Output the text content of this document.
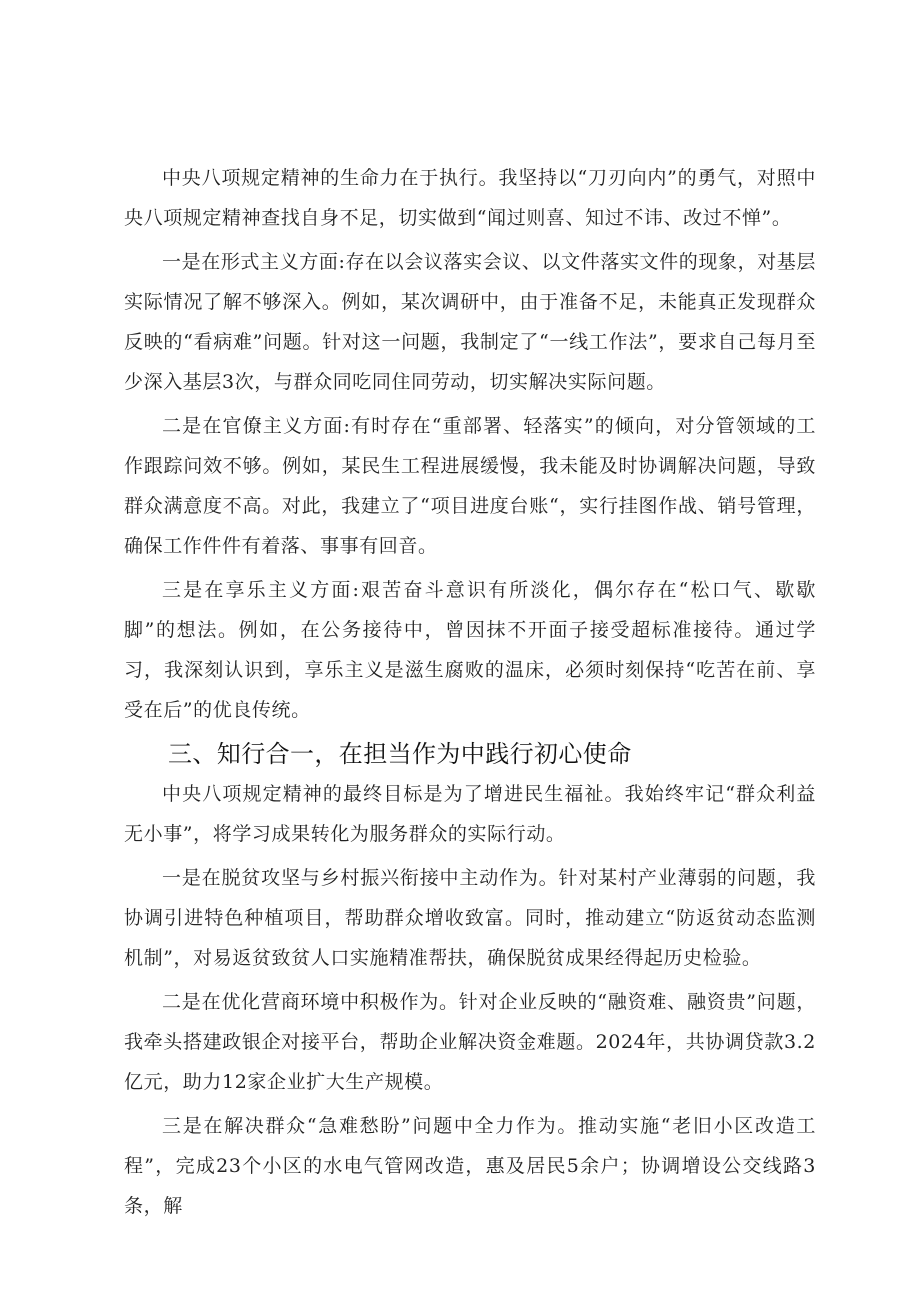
中央八项规定精神的生命力在于执行。我坚持以“刀刃向内”的勇气，对照中央八项规定精神查找自身不足，切实做到“闻过则喜、知过不讳、改过不惮”。

一是在形式主义方面:存在以会议落实会议、以文件落实文件的现象，对基层实际情况了解不够深入。例如，某次调研中，由于准备不足，未能真正发现群众反映的“看病难”问题。针对这一问题，我制定了“一线工作法”，要求自己每月至少深入基层3次，与群众同吃同住同劳动，切实解决实际问题。

二是在官僚主义方面:有时存在“重部署、轻落实”的倾向，对分管领域的工作跟踪问效不够。例如，某民生工程进展缓慢，我未能及时协调解决问题，导致群众满意度不高。对此，我建立了“项目进度台账“，实行挂图作战、销号管理，确保工作件件有着落、事事有回音。

三是在享乐主义方面:艰苦奋斗意识有所淡化，偶尔存在“松口气、歇歇脚”的想法。例如，在公务接待中，曾因抹不开面子接受超标准接待。通过学习，我深刻认识到，享乐主义是滋生腐败的温床，必须时刻保持“吃苦在前、享受在后”的优良传统。

三、知行合一，在担当作为中践行初心使命

中央八项规定精神的最终目标是为了增进民生福祉。我始终牢记“群众利益无小事”，将学习成果转化为服务群众的实际行动。

一是在脱贫攻坚与乡村振兴衔接中主动作为。针对某村产业薄弱的问题，我协调引进特色种植项目，帮助群众增收致富。同时，推动建立“防返贫动态监测机制”，对易返贫致贫人口实施精准帮扶，确保脱贫成果经得起历史检验。

二是在优化营商环境中积极作为。针对企业反映的“融资难、融资贵”问题，我牵头搭建政银企对接平台，帮助企业解决资金难题。2024年，共协调贷款3.2亿元，助力12家企业扩大生产规模。

三是在解决群众“急难愁盼”问题中全力作为。推动实施“老旧小区改造工程”，完成23个小区的水电气管网改造，惠及居民5余户；协调增设公交线路3条，解
